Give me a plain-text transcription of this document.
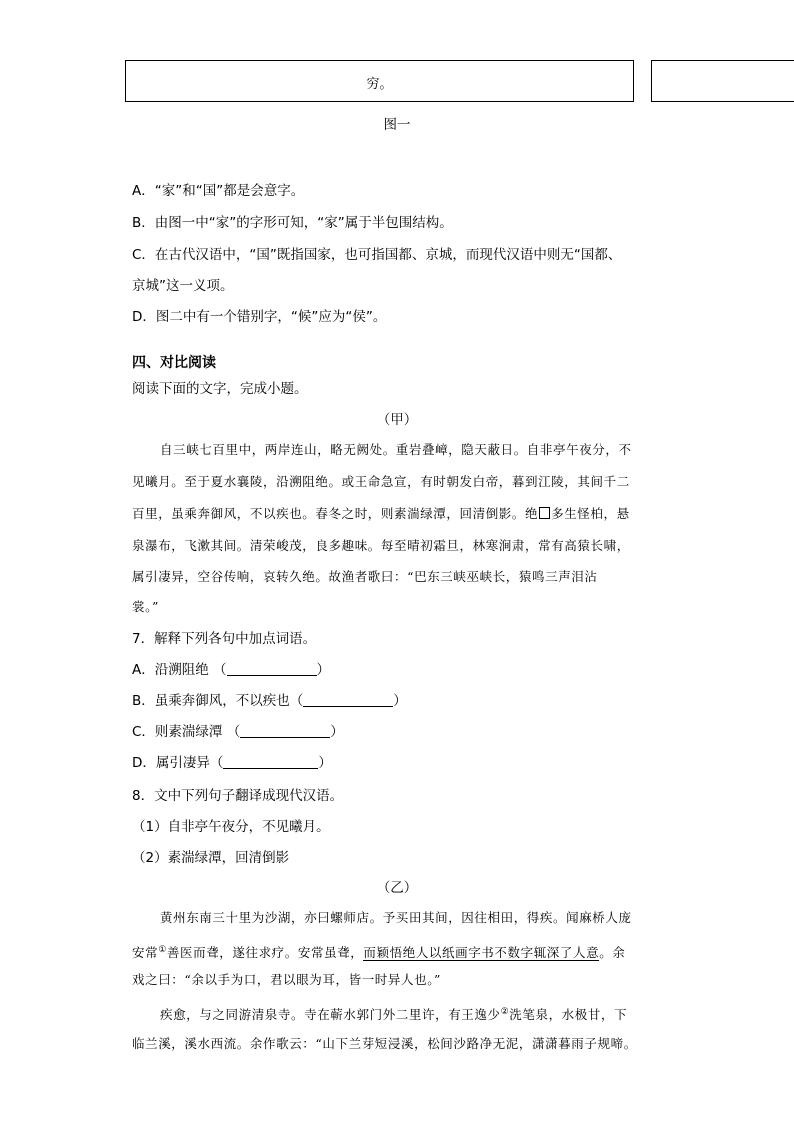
穷。
图一
A．“家”和“国”都是会意字。
B．由图一中“家”的字形可知，“家”属于半包围结构。
C．在古代汉语中，“国”既指国家，也可指国都、京城，而现代汉语中则无“国都、
京城”这一义项。
D．图二中有一个错别字，“候”应为“侯”。
四、对比阅读
阅读下面的文字，完成小题。
（甲）
自三峡七百里中，两岸连山，略无阙处。重岩叠嶂，隐天蔽日。自非亭午夜分，不
见曦月。至于夏水襄陵，沿溯阻绝。或王命急宣，有时朝发白帝，暮到江陵，其间千二
百里，虽乘奔御风，不以疾也。春冬之时，则素湍绿潭，回清倒影。绝 多生怪柏，悬
泉瀑布，飞漱其间。清荣峻茂，良多趣味。每至晴初霜旦，林寒涧肃，常有高猿长啸，
属引凄异，空谷传响，哀转久绝。故渔者歌曰：“巴东三峡巫峡长，猿鸣三声泪沾
裳。”
7．解释下列各句中加点词语。
A．沿溯阻绝 （	）
B．虽乘奔御风，不以疾也（	）
C．则素湍绿潭 （	）
D．属引凄异（	）
8．文中下列句子翻译成现代汉语。
（1）自非亭午夜分，不见曦月。
（2）素湍绿潭，回清倒影
（乙）
黄州东南三十里为沙湖，亦曰螺师店。予买田其间，因往相田，得疾。闻麻桥人庞
安常①善医而聋，遂往求疗。安常虽聋，而颖悟绝人以纸画字书不数字辄深了人意。余
戏之曰：“余以手为口，君以眼为耳，皆一时异人也。”
疾愈，与之同游清泉寺。寺在蕲水郭门外二里许，有王逸少②洗笔泉，水极甘，下
临兰溪，溪水西流。余作歌云：“山下兰芽短浸溪，松间沙路净无泥，潇潇暮雨子规啼。
